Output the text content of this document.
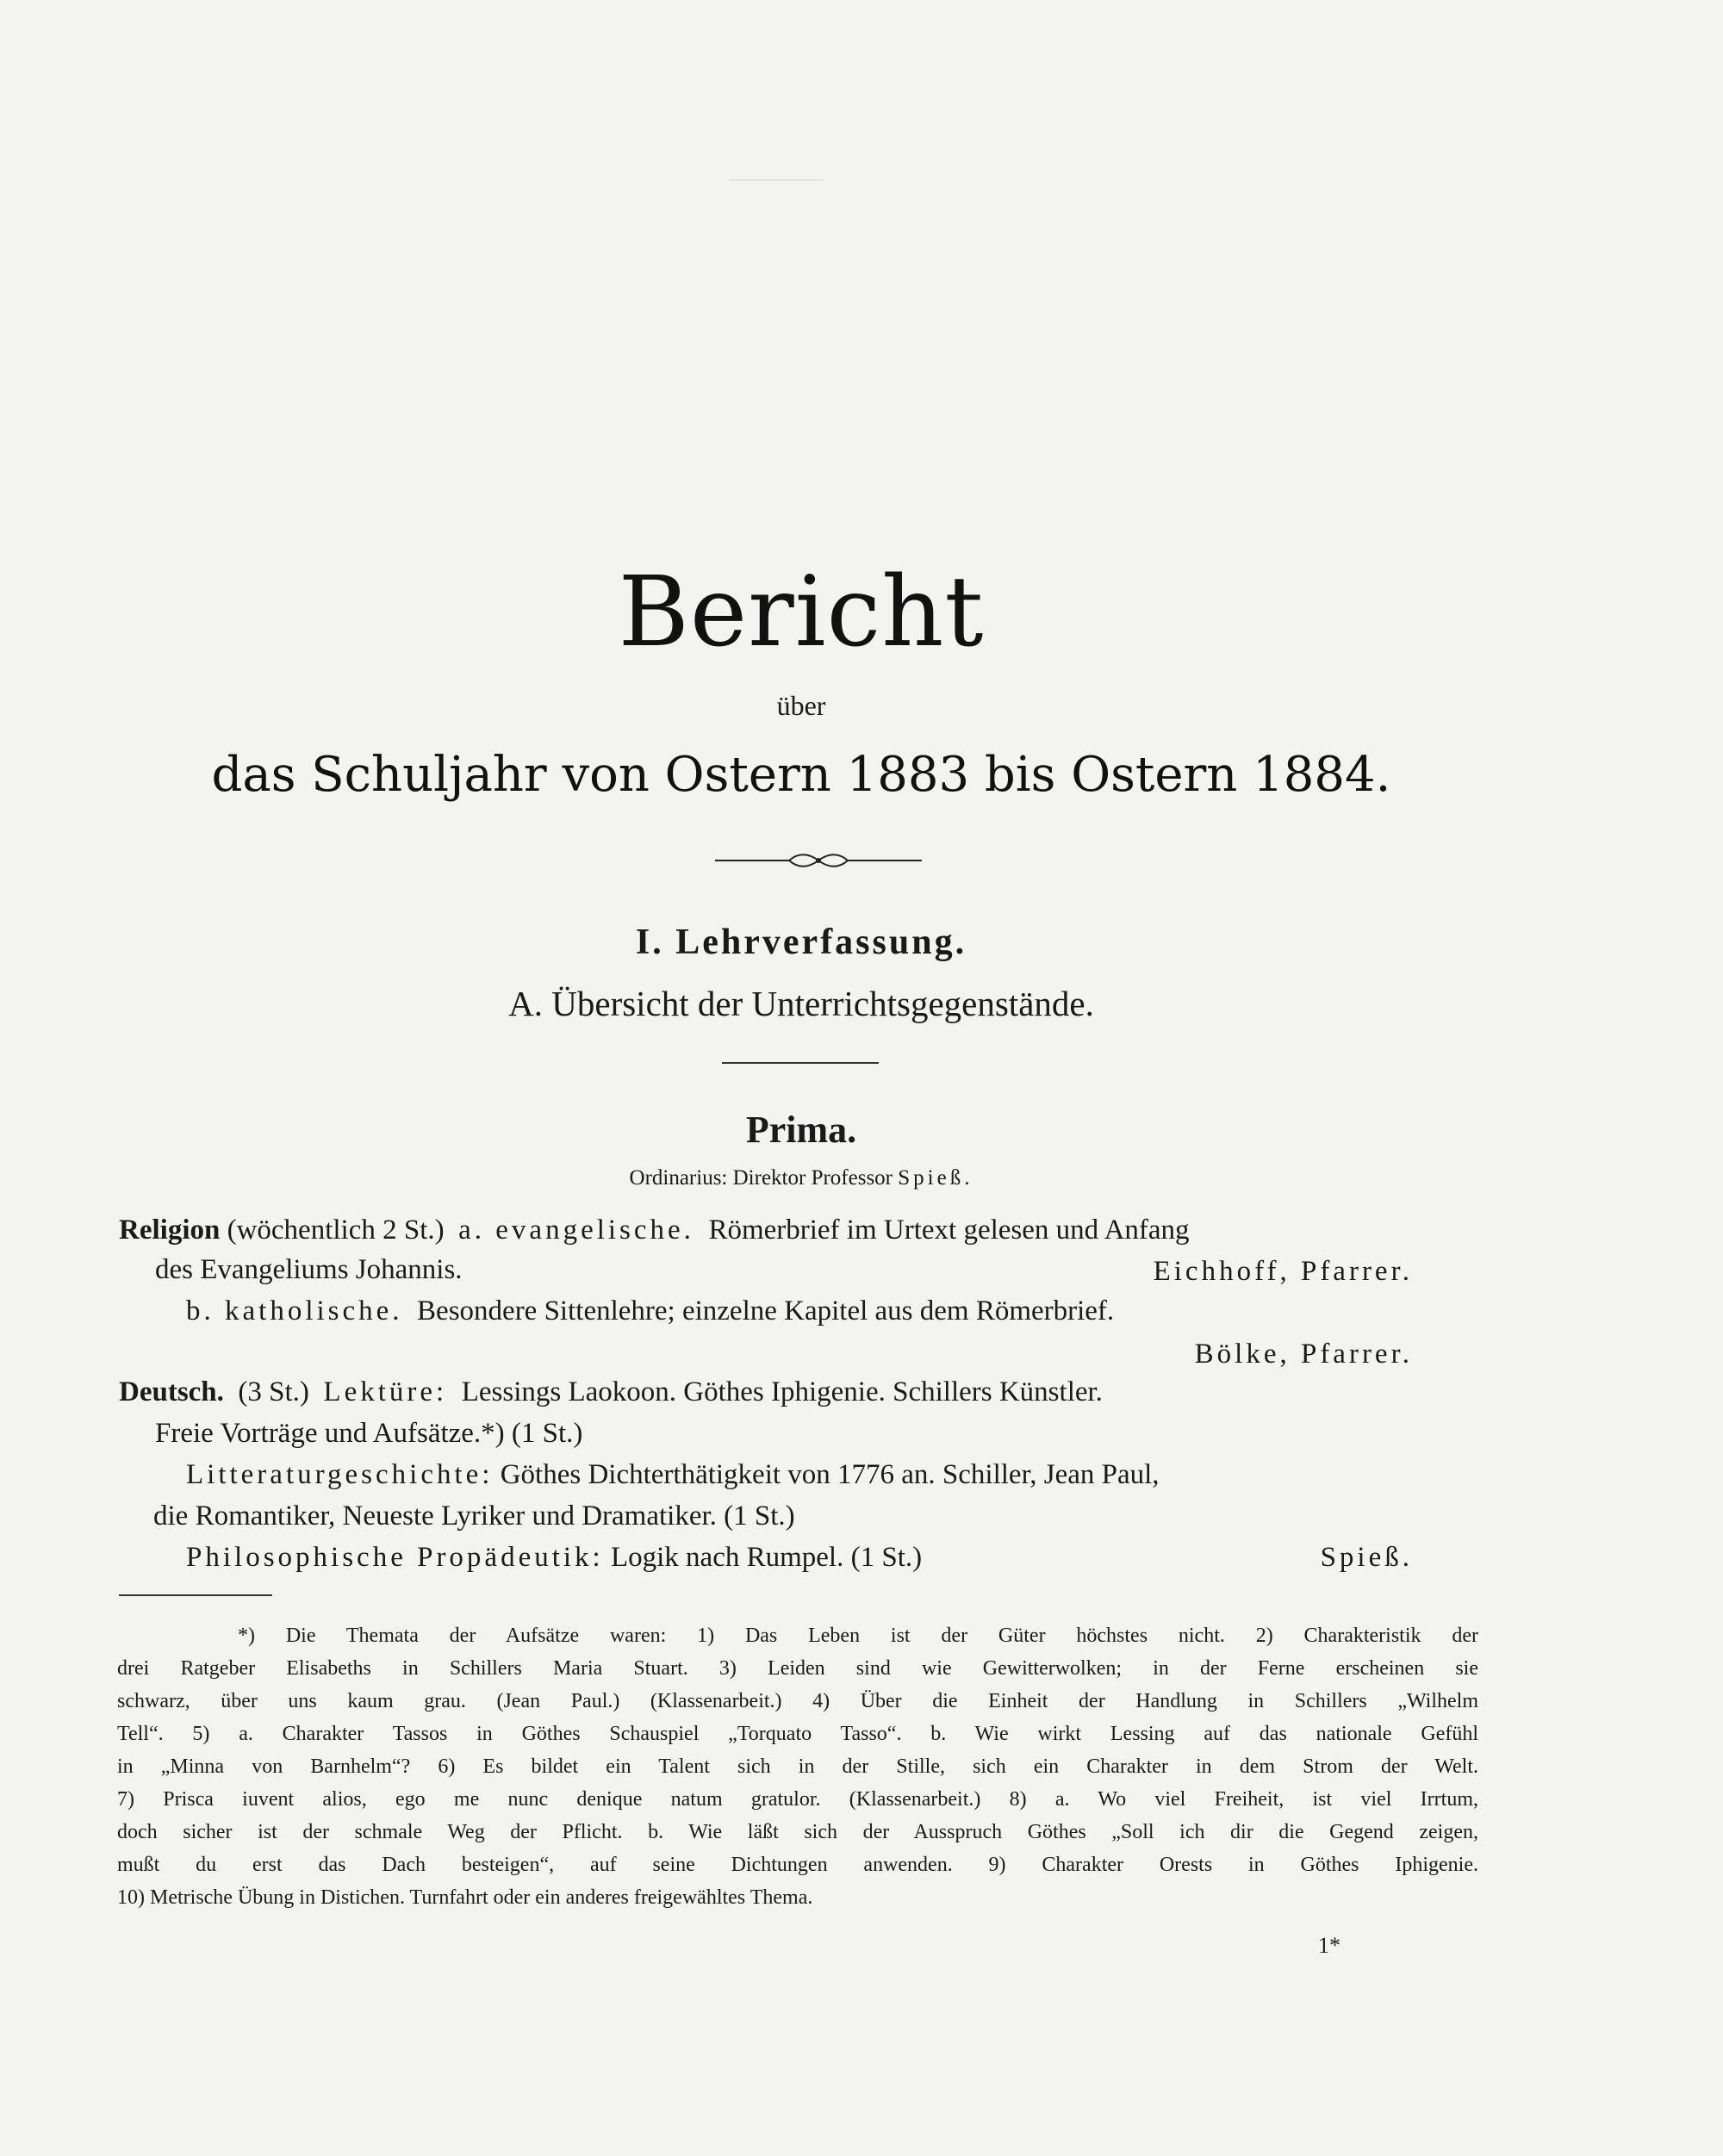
Bericht
über
das Schuljahr von Ostern 1883 bis Ostern 1884.
I. Lehrverfassung.
A. Übersicht der Unterrichtsgegenstände.
Prima.
Ordinarius: Direktor Professor Spieß.
Religion (wöchentlich 2 St.) a. evangelische. Römerbrief im Urtext gelesen und Anfang
des Evangeliums Johannis.	Eichhoff, Pfarrer.
b. katholische. Besondere Sittenlehre; einzelne Kapitel aus dem Römerbrief.
Bölke, Pfarrer.
Deutsch. (3 St.) Lektüre: Lessings Laokoon. Göthes Iphigenie. Schillers Künstler.
Freie Vorträge und Aufsätze.*) (1 St.)
Litteraturgeschichte: Göthes Dichterthätigkeit von 1776 an. Schiller, Jean Paul,
die Romantiker, Neueste Lyriker und Dramatiker. (1 St.)
Philosophische Propädeutik: Logik nach Rumpel. (1 St.)	Spieß.
*) Die Themata der Aufsätze waren: 1) Das Leben ist der Güter höchstes nicht. 2) Charakteristik der
drei Ratgeber Elisabeths in Schillers Maria Stuart. 3) Leiden sind wie Gewitterwolken; in der Ferne erscheinen sie
schwarz, über uns kaum grau. (Jean Paul.) (Klassenarbeit.) 4) Über die Einheit der Handlung in Schillers „Wilhelm
Tell“. 5) a. Charakter Tassos in Göthes Schauspiel „Torquato Tasso“. b. Wie wirkt Lessing auf das nationale Gefühl
in „Minna von Barnhelm“? 6) Es bildet ein Talent sich in der Stille, sich ein Charakter in dem Strom der Welt.
7) Prisca iuvent alios, ego me nunc denique natum gratulor. (Klassenarbeit.) 8) a. Wo viel Freiheit, ist viel Irrtum,
doch sicher ist der schmale Weg der Pflicht. b. Wie läßt sich der Ausspruch Göthes „Soll ich dir die Gegend zeigen,
mußt du erst das Dach besteigen“, auf seine Dichtungen anwenden. 9) Charakter Orests in Göthes Iphigenie.
10) Metrische Übung in Distichen. Turnfahrt oder ein anderes freigewähltes Thema.
1*
